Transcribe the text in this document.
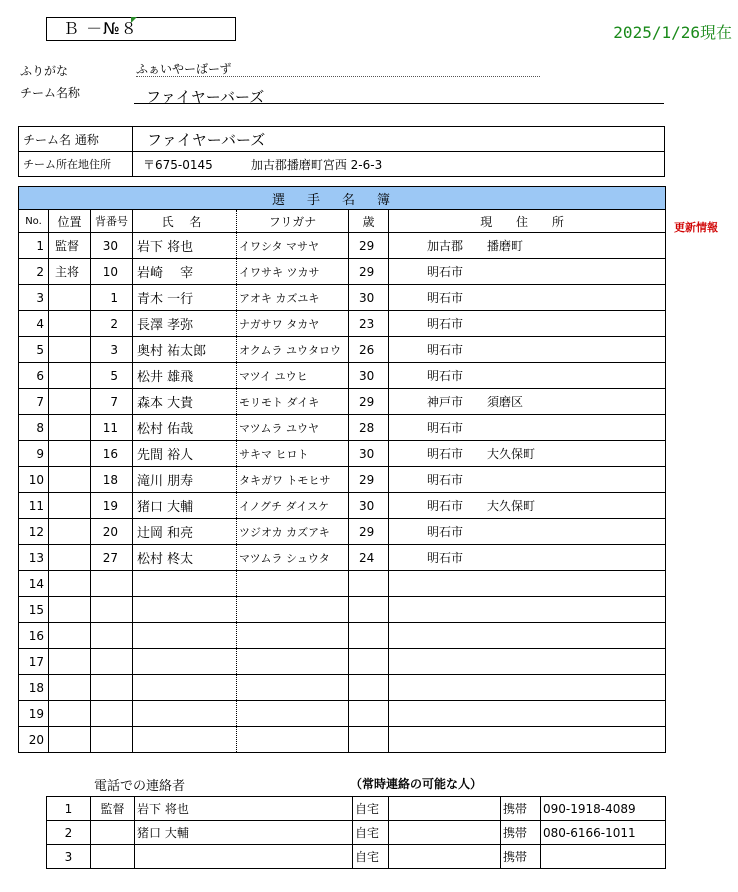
Ｂ －№８	2025/1/26現在
ふりがな	ふぁいやーばーず
チーム名称	ファイヤーバーズ
チーム名 通称	ファイヤーバーズ
チーム所在地住所	〒675-0145 加古郡播磨町宮西 2-6-3
選手名簿						
No.	位置	背番号	氏 名	フリガナ	歳	現 住 所
1	監督	30	岩下 将也	イワシタ マサヤ	29	加古郡　　播磨町
2	主将	10	岩崎　 宰	イワサキ ツカサ	29	明石市
3		1	青木 一行	アオキ カズユキ	30	明石市
4		2	長澤 孝弥	ナガサワ タカヤ	23	明石市
5		3	奥村 祐太郎	オクムラ ユウタロウ	26	明石市
6		5	松井 雄飛	マツイ ユウヒ	30	明石市
7		7	森本 大貴	モリモト ダイキ	29	神戸市　　須磨区
8		11	松村 佑哉	マツムラ ユウヤ	28	明石市
9		16	先間 裕人	サキマ ヒロト	30	明石市　　大久保町
10		18	滝川 朋寿	タキガワ トモヒサ	29	明石市
11		19	猪口 大輔	イノグチ ダイスケ	30	明石市　　大久保町
12		20	辻岡 和亮	ツジオカ カズアキ	29	明石市
13		27	松村 柊太	マツムラ シュウタ	24	明石市
14						
15						
16						
17						
18						
19						
20						
更新情報
電話での連絡者	（常時連絡の可能な人）
1	監督	岩下 将也	自宅		携帯	090-1918-4089
2		猪口 大輔	自宅		携帯	080-6166-1011
3			自宅		携帯	
